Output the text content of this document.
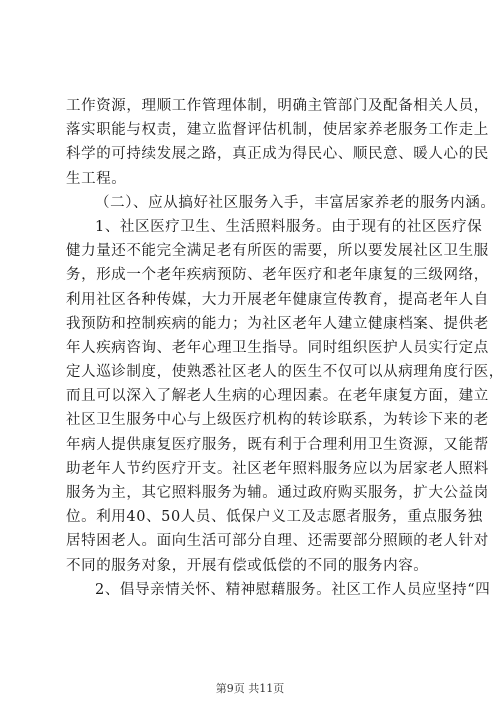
工作资源，理顺工作管理体制，明确主管部门及配备相关人员，
落实职能与权责，建立监督评估机制，使居家养老服务工作走上
科学的可持续发展之路，真正成为得民心、顺民意、暖人心的民
生工程。
（二）、应从搞好社区服务入手，丰富居家养老的服务内涵。
1、社区医疗卫生、生活照料服务。由于现有的社区医疗保
健力量还不能完全满足老有所医的需要，所以要发展社区卫生服
务，形成一个老年疾病预防、老年医疗和老年康复的三级网络，
利用社区各种传媒，大力开展老年健康宣传教育，提高老年人自
我预防和控制疾病的能力；为社区老年人建立健康档案、提供老
年人疾病咨询、老年心理卫生指导。同时组织医护人员实行定点
定人巡诊制度，使熟悉社区老人的医生不仅可以从病理角度行医，
而且可以深入了解老人生病的心理因素。在老年康复方面，建立
社区卫生服务中心与上级医疗机构的转诊联系，为转诊下来的老
年病人提供康复医疗服务，既有利于合理利用卫生资源，又能帮
助老年人节约医疗开支。社区老年照料服务应以为居家老人照料
服务为主，其它照料服务为辅。通过政府购买服务，扩大公益岗
位。利用40、50人员、低保户义工及志愿者服务，重点服务独
居特困老人。面向生活可部分自理、还需要部分照顾的老人针对
不同的服务对象，开展有偿或低偿的不同的服务内容。
2、倡导亲情关怀、精神慰藉服务。社区工作人员应坚持“四
第9页 共11页
